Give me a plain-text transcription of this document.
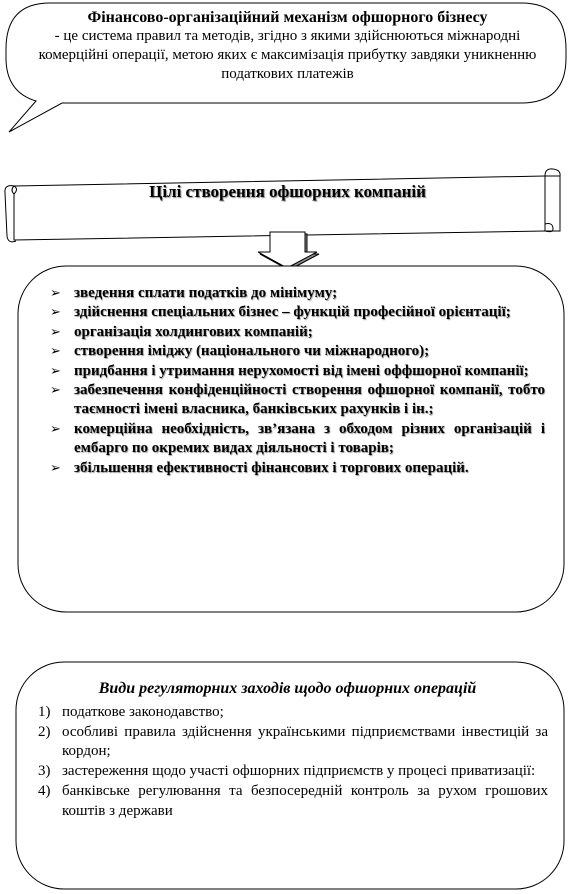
Фінансово-організаційний механізм офшорного бізнесу
- це система правил та методів, згідно з якими здійснюються міжнародні комерційні операції, метою яких є максимізація прибутку завдяки уникненню податкових платежів
Цілі створення офшорних компаній
➢ зведення сплати податків до мінімуму;
➢ здійснення спеціальних бізнес – функцій професійної орієнтації;
➢ організація холдингових компаній;
➢ створення іміджу (національного чи міжнародного);
➢ придбання і утримання нерухомості від імені оффшорної компанії;
➢ забезпечення конфіденційності створення офшорної компанії, тобто таємності імені власника, банківських рахунків і ін.;
➢ комерційна необхідність, зв’язана з обходом різних організацій і ембарго по окремих видах діяльності і товарів;
➢ збільшення ефективності фінансових і торгових операцій.
Види регуляторних заходів щодо офшорних операцій
1) податкове законодавство;
2) особливі правила здійснення українськими підприємствами інвестицій за кордон;
3) застереження щодо участі офшорних підприємств у процесі приватизації:
4) банківське регулювання та безпосередній контроль за рухом грошових коштів з держави
